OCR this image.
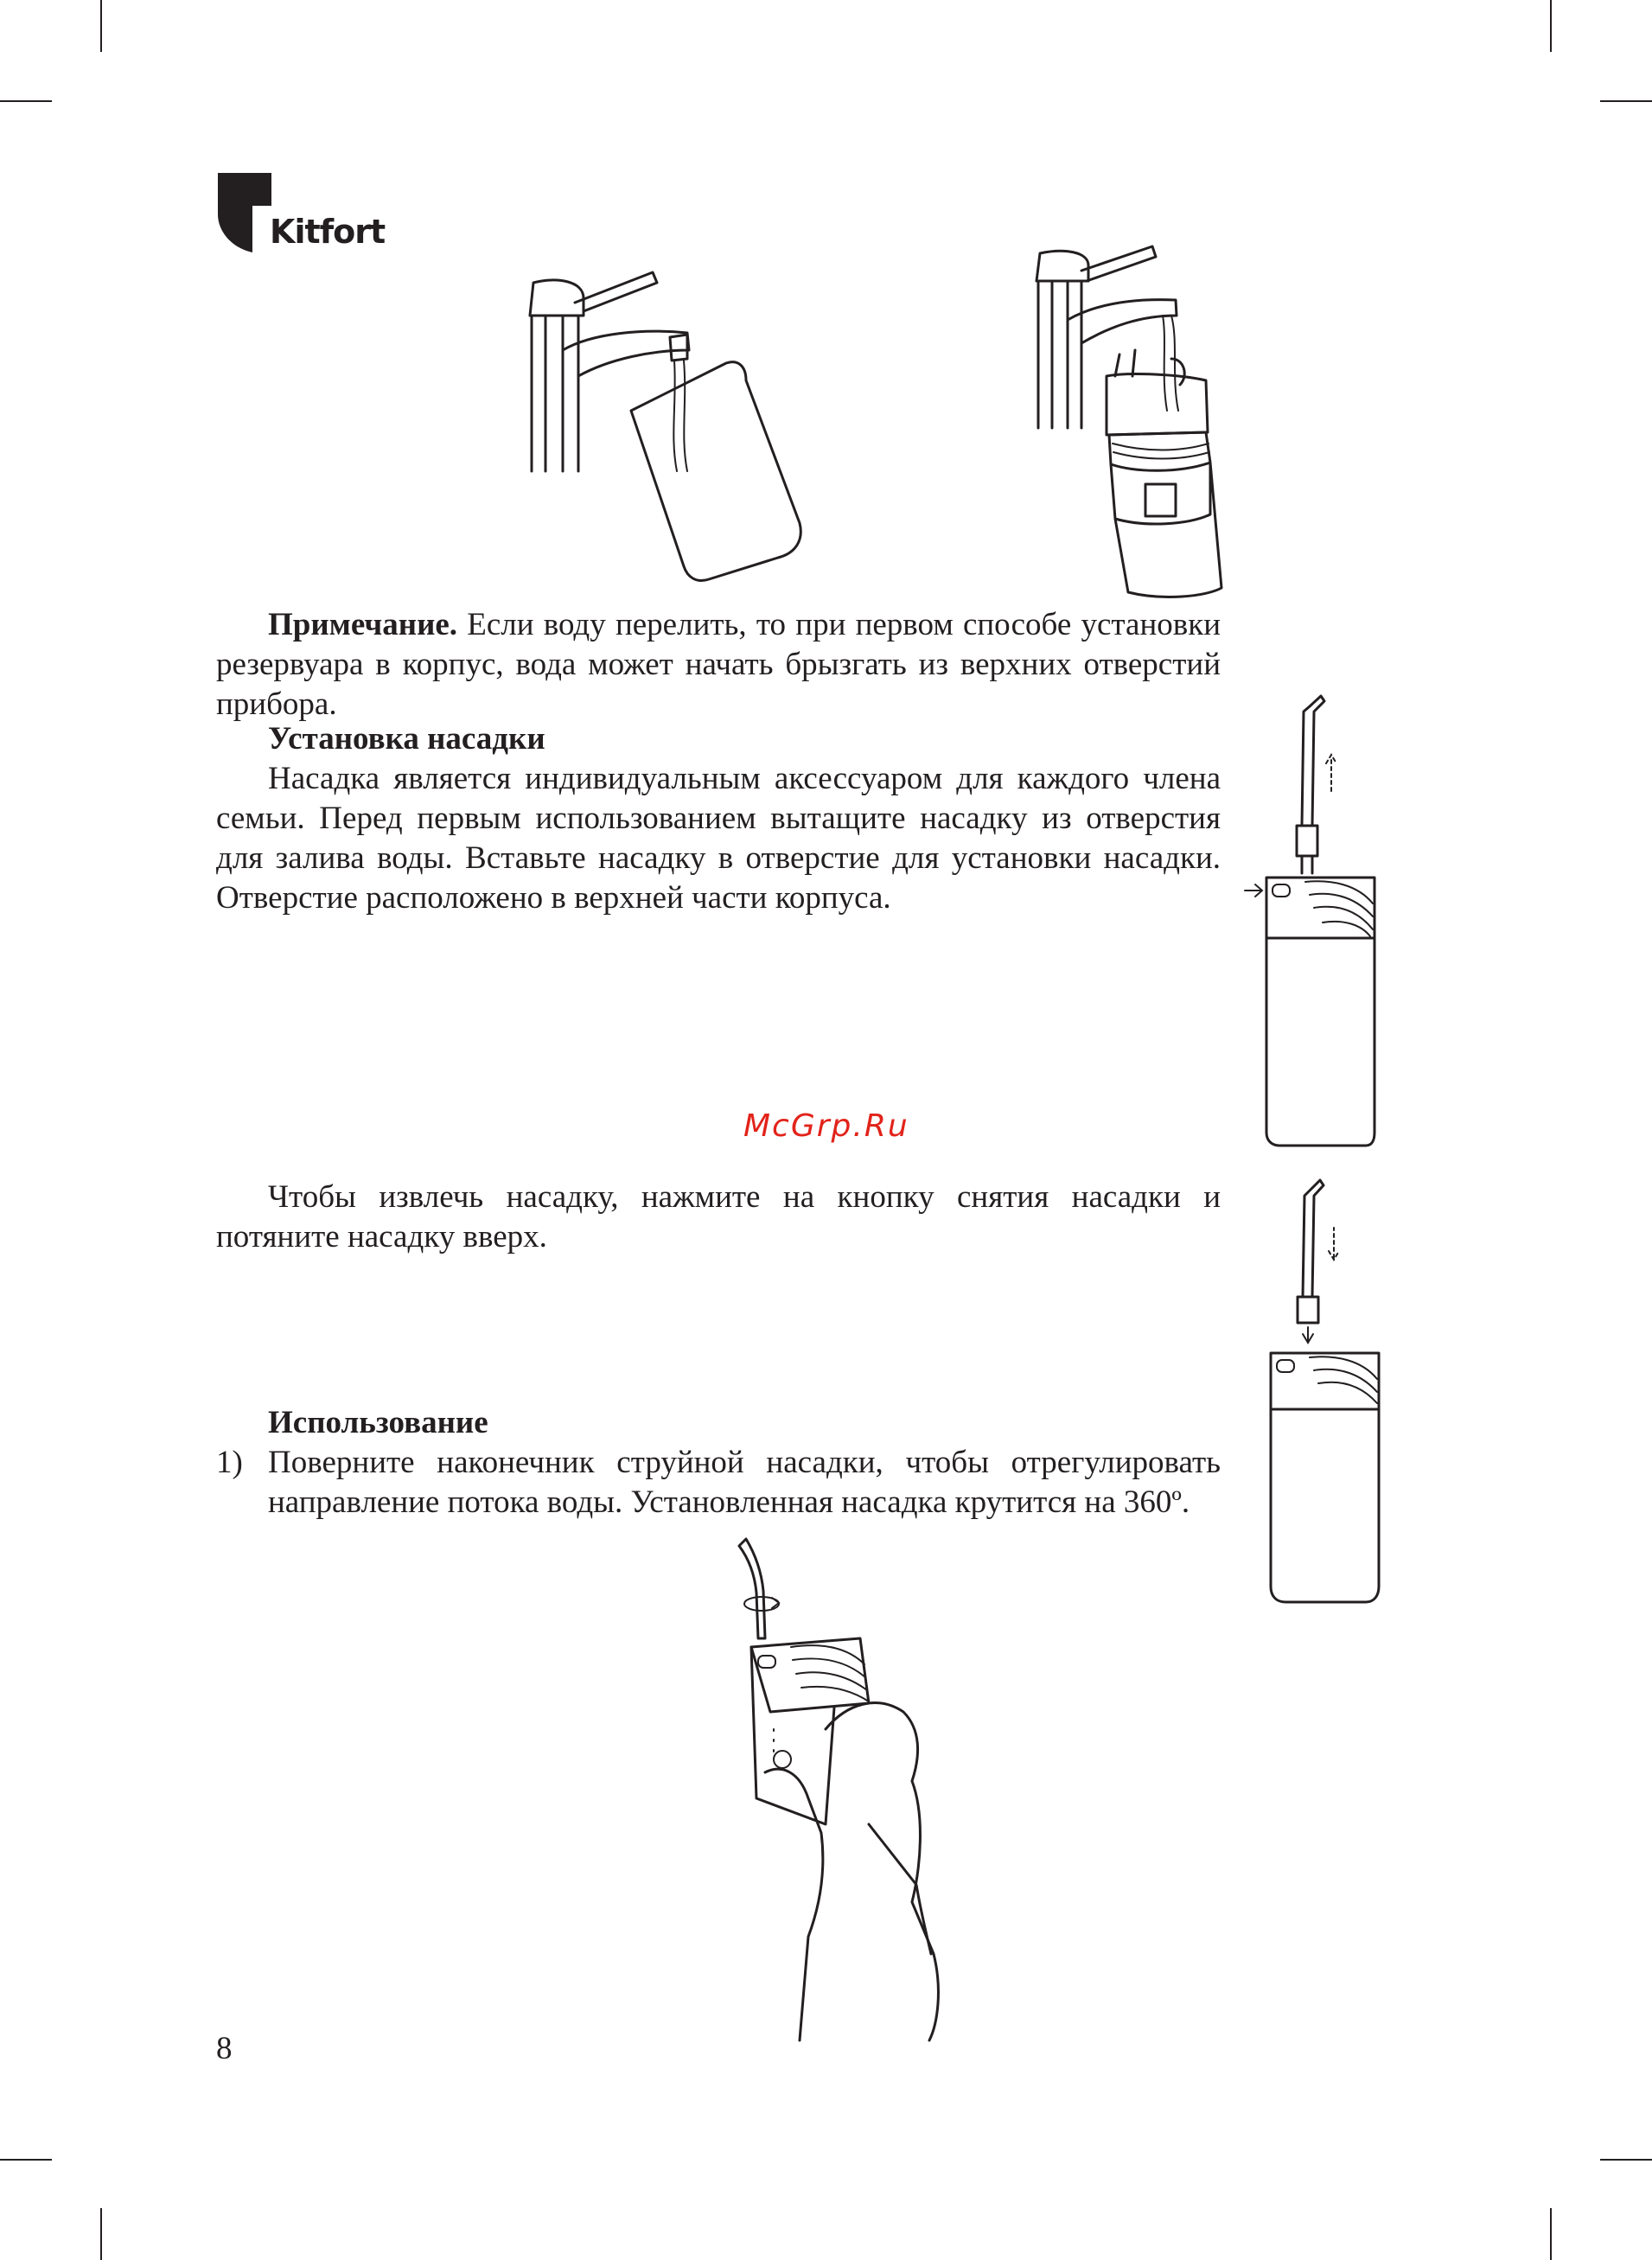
Kitfort

Примечание. Если воду перелить, то при первом способе установки резервуара в корпус, вода может начать брызгать из верхних отверстий прибора.

Установка насадки

Насадка является индивидуальным аксессуаром для каждого члена семьи. Перед первым использованием вытащите насадку из отверстия для залива воды. Вставьте насадку в отверстие для установки насадки. Отверстие расположено в верхней части корпуса.

McGrp.Ru

Чтобы извлечь насадку, нажмите на кнопку снятия насадки и потяните насадку вверх.

Использование
1) Поверните наконечник струйной насадки, чтобы отрегулировать направление потока воды. Установленная насадка крутится на 360º.
8
